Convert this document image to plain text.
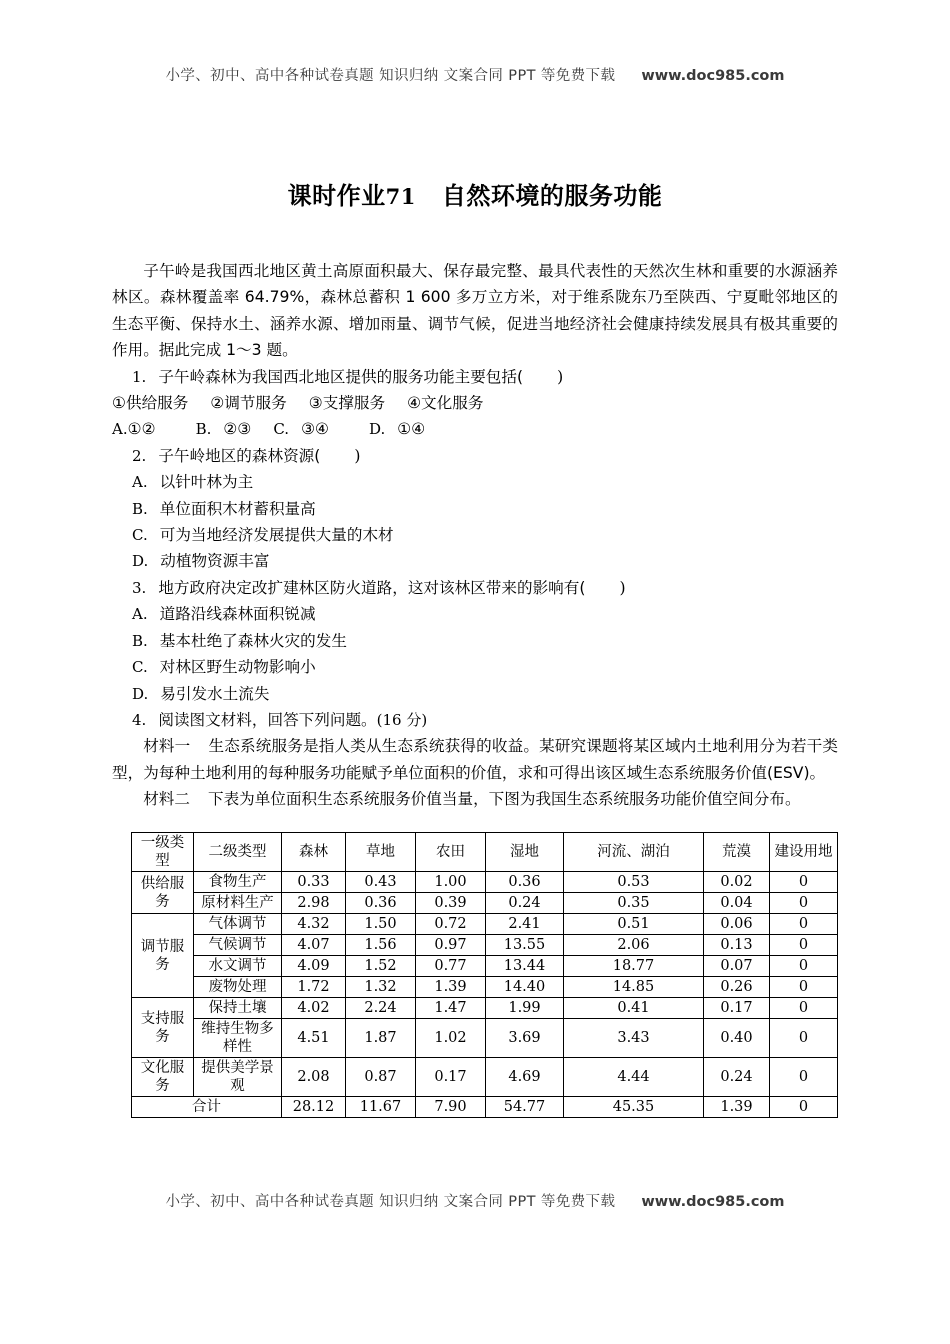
小学、初中、高中各种试卷真题 知识归纳 文案合同 PPT 等免费下载 www.doc985.com
课时作业71 自然环境的服务功能

子午岭是我国西北地区黄土高原面积最大、保存最完整、最具代表性的天然次生林和重要的水源涵养林区。森林覆盖率 64.79%，森林总蓄积 1 600 多万立方米，对于维系陇东乃至陕西、宁夏毗邻地区的生态平衡、保持水土、涵养水源、增加雨量、调节气候，促进当地经济社会健康持续发展具有极其重要的作用。据此完成 1～3 题。

1. 子午岭森林为我国西北地区提供的服务功能主要包括( )
①供给服务 ②调节服务 ③支撑服务 ④文化服务
A.①②	B. ②③ C. ③④	D. ①④
2. 子午岭地区的森林资源( )
A. 以针叶林为主
B. 单位面积木材蓄积量高
C. 可为当地经济发展提供大量的木材
D. 动植物资源丰富
3. 地方政府决定改扩建林区防火道路，这对该林区带来的影响有( )
A. 道路沿线森林面积锐减
B. 基本杜绝了森林火灾的发生
C. 对林区野生动物影响小
D. 易引发水土流失
4. 阅读图文材料，回答下列问题。(16 分)

材料一 生态系统服务是指人类从生态系统获得的收益。某研究课题将某区域内土地利用分为若干类型，为每种土地利用的每种服务功能赋予单位面积的价值，求和可得出该区域生态系统服务价值(ESV)。

材料二 下表为单位面积生态系统服务价值当量，下图为我国生态系统服务功能价值空间分布。

一级类型	二级类型	森林	草地	农田	湿地	河流、湖泊	荒漠	建设用地
供给服务	食物生产	0.33	0.43	1.00	0.36	0.53	0.02	0
	原材料生产	2.98	0.36	0.39	0.24	0.35	0.04	0
调节服务	气体调节	4.32	1.50	0.72	2.41	0.51	0.06	0
	气候调节	4.07	1.56	0.97	13.55	2.06	0.13	0
	水文调节	4.09	1.52	0.77	13.44	18.77	0.07	0
	废物处理	1.72	1.32	1.39	14.40	14.85	0.26	0
支持服务	保持土壤	4.02	2.24	1.47	1.99	0.41	0.17	0
	维持生物多样性	4.51	1.87	1.02	3.69	3.43	0.40	0
文化服务	提供美学景观	2.08	0.87	0.17	4.69	4.44	0.24	0
合计		28.12	11.67	7.90	54.77	45.35	1.39	0
小学、初中、高中各种试卷真题 知识归纳 文案合同 PPT 等免费下载 www.doc985.com
